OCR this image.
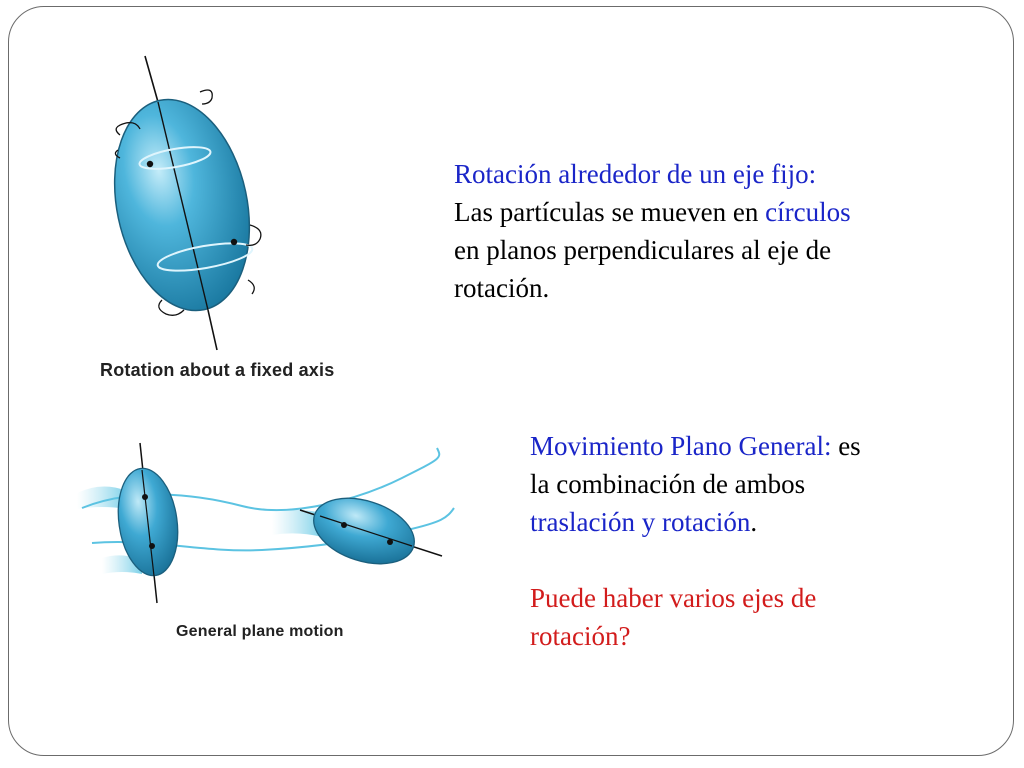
Rotation about a fixed axis
General plane motion
Rotación alrededor de un eje fijo:
Las partículas se mueven en círculos
en planos perpendiculares al eje de
rotación.
Movimiento Plano General: es
la combinación de ambos
traslación y rotación.

Puede haber varios ejes de
rotación?
